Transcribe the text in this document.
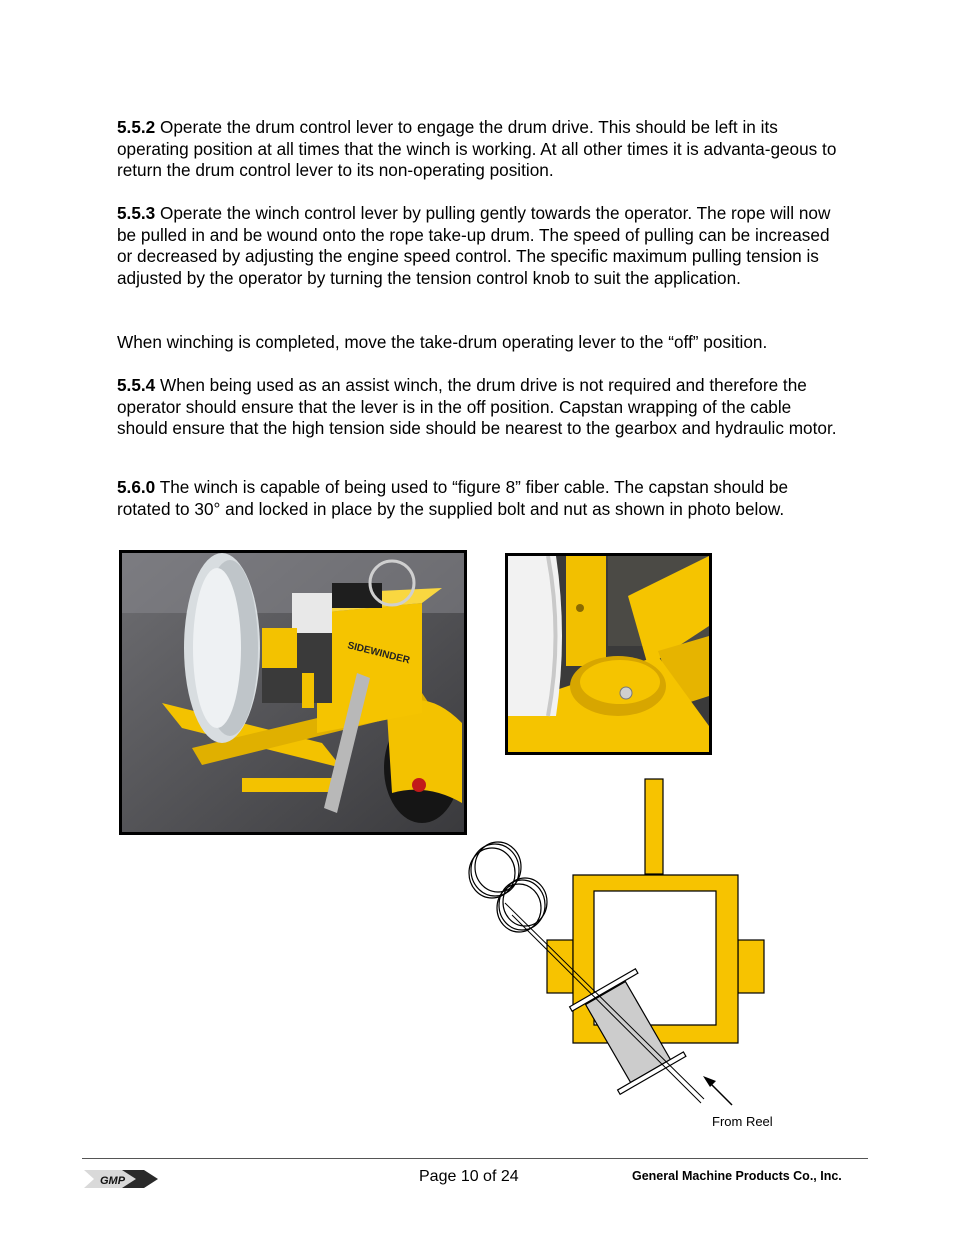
5.5.2 Operate the drum control lever to engage the drum drive. This should be left in its operating position at all times that the winch is working. At all other times it is advanta-geous to return the drum control lever to its non-operating position.

5.5.3 Operate the winch control lever by pulling gently towards the operator. The rope will now be pulled in and be wound onto the rope take-up drum. The speed of pulling can be increased or decreased by adjusting the engine speed control. The specific maximum pulling tension is adjusted by the operator by turning the tension control knob to suit the application.

When winching is completed, move the take-drum operating lever to the “off” position.

5.5.4 When being used as an assist winch, the drum drive is not required and therefore the operator should ensure that the lever is in the off position. Capstan wrapping of the cable should ensure that the high tension side should be nearest to the gearbox and hydraulic motor.

5.6.0 The winch is capable of being used to “figure 8” fiber cable. The capstan should be rotated to 30° and locked in place by the supplied bolt and nut as shown in photo below.

SIDEWINDER
From Reel
GMP	Page 10 of 24	General Machine Products Co., Inc.
